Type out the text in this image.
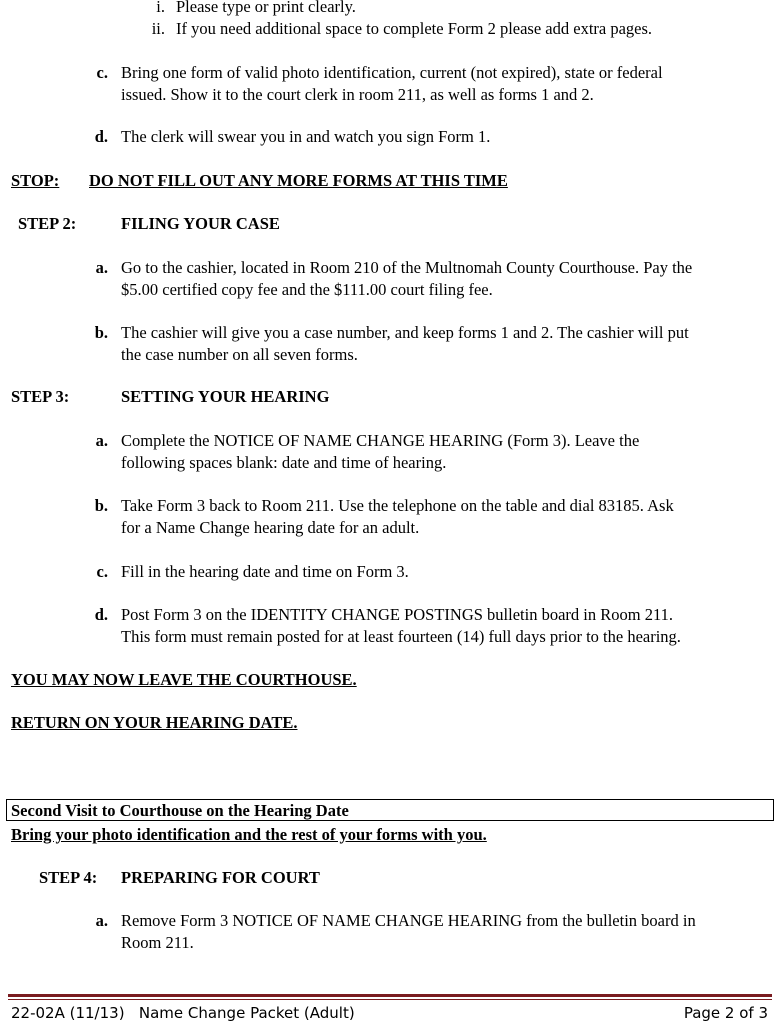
i. Please type or print clearly.
ii. If you need additional space to complete Form 2 please add extra pages.
c. Bring one form of valid photo identification, current (not expired), state or federal
issued. Show it to the court clerk in room 211, as well as forms 1 and 2.
d. The clerk will swear you in and watch you sign Form 1.
STOP: DO NOT FILL OUT ANY MORE FORMS AT THIS TIME
STEP 2:	FILING YOUR CASE
a. Go to the cashier, located in Room 210 of the Multnomah County Courthouse. Pay the
$5.00 certified copy fee and the $111.00 court filing fee.
b. The cashier will give you a case number, and keep forms 1 and 2. The cashier will put
the case number on all seven forms.
STEP 3:	SETTING YOUR HEARING
a. Complete the NOTICE OF NAME CHANGE HEARING (Form 3). Leave the
following spaces blank: date and time of hearing.
b. Take Form 3 back to Room 211. Use the telephone on the table and dial 83185. Ask
for a Name Change hearing date for an adult.
c. Fill in the hearing date and time on Form 3.
d. Post Form 3 on the IDENTITY CHANGE POSTINGS bulletin board in Room 211.
This form must remain posted for at least fourteen (14) full days prior to the hearing.
YOU MAY NOW LEAVE THE COURTHOUSE.
RETURN ON YOUR HEARING DATE.
Second Visit to Courthouse on the Hearing Date
Bring your photo identification and the rest of your forms with you.
STEP 4: PREPARING FOR COURT
a. Remove Form 3 NOTICE OF NAME CHANGE HEARING from the bulletin board in
Room 211.
22-02A (11/13)   Name Change Packet (Adult)	Page 2 of 3
